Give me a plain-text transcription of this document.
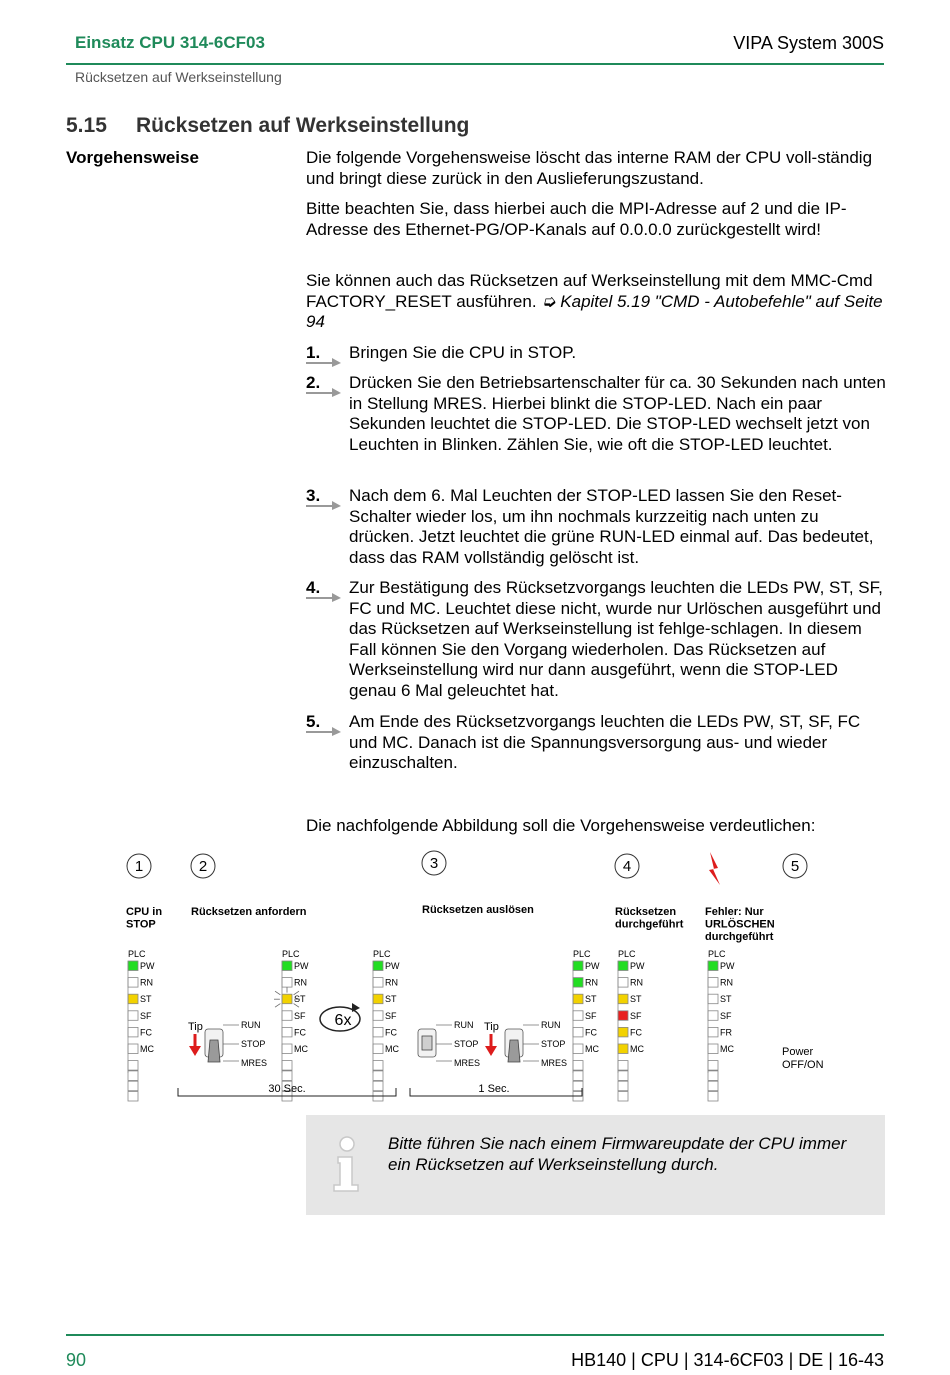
Einsatz CPU 314-6CF03	VIPA System 300S
Rücksetzen auf Werkseinstellung
5.15 Rücksetzen auf Werkseinstellung
Vorgehensweise	Die folgende Vorgehensweise löscht das interne RAM der CPU voll-ständig und bringt diese zurück in den Auslieferungszustand.
Bitte beachten Sie, dass hierbei auch die MPI-Adresse auf 2 und die IP-Adresse des Ethernet-PG/OP-Kanals auf 0.0.0.0 zurückgestellt wird!
Sie können auch das Rücksetzen auf Werkseinstellung mit dem MMC-Cmd FACTORY_RESET ausführen. ➭ Kapitel 5.19 "CMD - Autobefehle" auf Seite 94
1. Bringen Sie die CPU in STOP.
2. Drücken Sie den Betriebsartenschalter für ca. 30 Sekunden nach unten in Stellung MRES. Hierbei blinkt die STOP-LED. Nach ein paar Sekunden leuchtet die STOP-LED. Die STOP-LED wechselt jetzt von Leuchten in Blinken. Zählen Sie, wie oft die STOP-LED leuchtet.
3. Nach dem 6. Mal Leuchten der STOP-LED lassen Sie den Reset-Schalter wieder los, um ihn nochmals kurzzeitig nach unten zu drücken. Jetzt leuchtet die grüne RUN-LED einmal auf. Das bedeutet, dass das RAM vollständig gelöscht ist.
4. Zur Bestätigung des Rücksetzvorgangs leuchten die LEDs PW, ST, SF, FC und MC. Leuchtet diese nicht, wurde nur Urlöschen ausgeführt und das Rücksetzen auf Werkseinstellung ist fehlge-schlagen. In diesem Fall können Sie den Vorgang wiederholen. Das Rücksetzen auf Werkseinstellung wird nur dann ausgeführt, wenn die STOP-LED genau 6 Mal geleuchtet hat.
5. Am Ende des Rücksetzvorgangs leuchten die LEDs PW, ST, SF, FC und MC. Danach ist die Spannungsversorgung aus- und wieder einzuschalten.
Die nachfolgende Abbildung soll die Vorgehensweise verdeutlichen:
1	2	3	4	5
CPU in
STOP
Rücksetzen anfordern	Rücksetzen auslösen	Rücksetzen
durchgeführt
Fehler: Nur
URLÖSCHEN
durchgeführt
PLC
PW
RN
ST
SF
FC
MC
PLC
PW
RN
ST
SF
FC
MC
PLC
PW
RN
ST
SF
FC
MC
PLC
PW
RN
ST
SF
FC
MC
PLC
PW
RN
ST
SF
FC
MC
PLC
PW
RN
ST
SF
FR
MC
RUN
STOP
MRES
Tip	RUN
STOP
MRES
RUN
STOP
MRES
Tip
6x
30 Sec.	1 Sec.
Power
OFF/ON
Bitte führen Sie nach einem Firmwareupdate der CPU immer ein Rücksetzen auf Werkseinstellung durch.
90	HB140 | CPU | 314-6CF03 | DE | 16-43
